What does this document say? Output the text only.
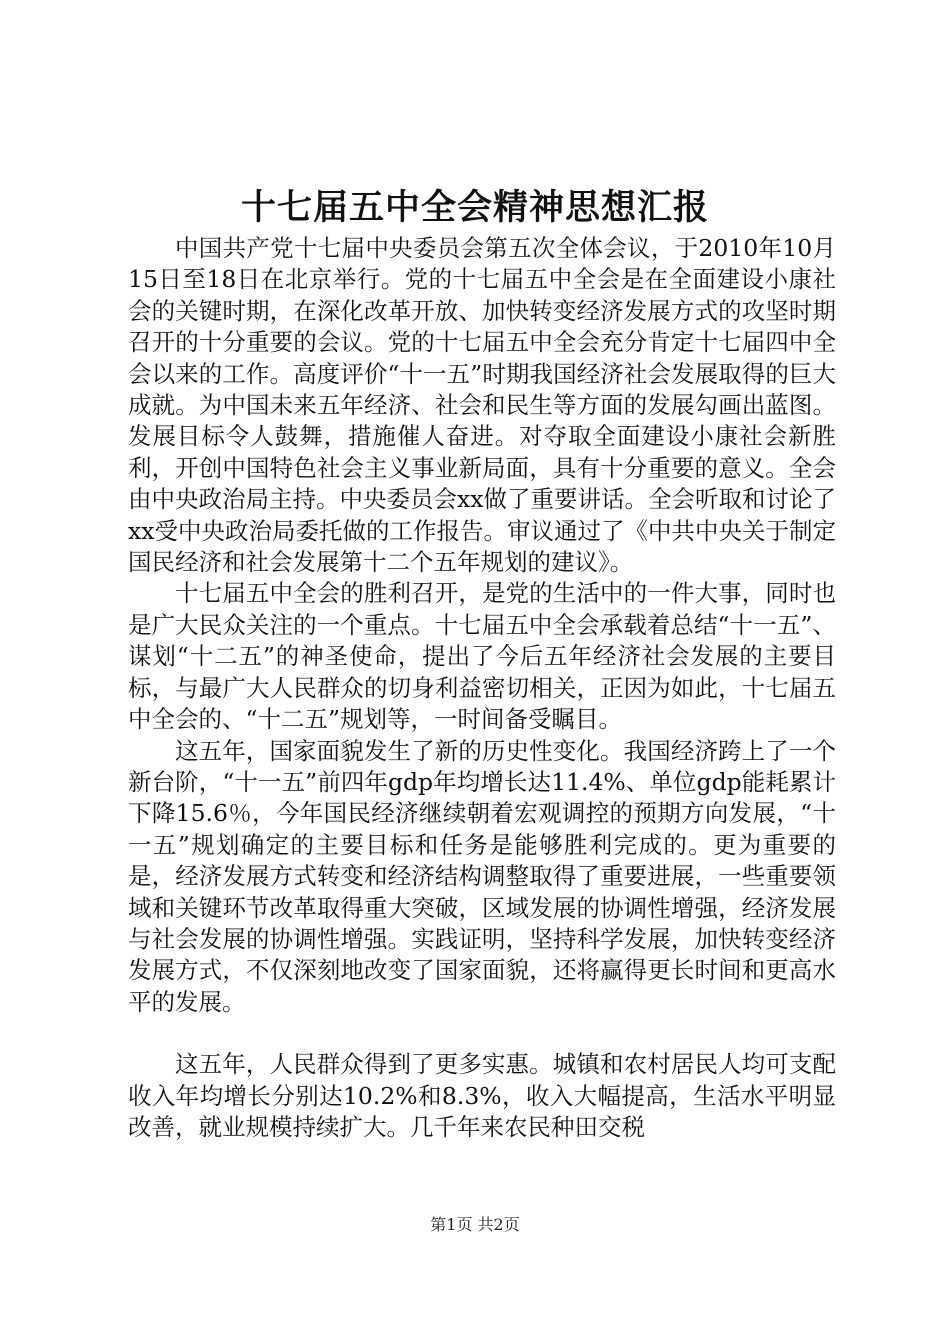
十七届五中全会精神思想汇报

中国共产党十七届中央委员会第五次全体会议，于2010年10月15日至18日在北京举行。党的十七届五中全会是在全面建设小康社会的关键时期，在深化改革开放、加快转变经济发展方式的攻坚时期召开的十分重要的会议。党的十七届五中全会充分肯定十七届四中全会以来的工作。高度评价“十一五”时期我国经济社会发展取得的巨大成就。为中国未来五年经济、社会和民生等方面的发展勾画出蓝图。发展目标令人鼓舞，措施催人奋进。对夺取全面建设小康社会新胜利，开创中国特色社会主义事业新局面，具有十分重要的意义。全会由中央政治局主持。中央委员会xx做了重要讲话。全会听取和讨论了xx受中央政治局委托做的工作报告。审议通过了《中共中央关于制定国民经济和社会发展第十二个五年规划的建议》。

十七届五中全会的胜利召开，是党的生活中的一件大事，同时也是广大民众关注的一个重点。十七届五中全会承载着总结“十一五”、谋划“十二五”的神圣使命，提出了今后五年经济社会发展的主要目标，与最广大人民群众的切身利益密切相关，正因为如此，十七届五中全会的、“十二五”规划等，一时间备受瞩目。

这五年，国家面貌发生了新的历史性变化。我国经济跨上了一个新台阶，“十一五”前四年gdp年均增长达11.4%、单位gdp能耗累计下降15.6％，今年国民经济继续朝着宏观调控的预期方向发展，“十一五”规划确定的主要目标和任务是能够胜利完成的。更为重要的是，经济发展方式转变和经济结构调整取得了重要进展，一些重要领域和关键环节改革取得重大突破，区域发展的协调性增强，经济发展与社会发展的协调性增强。实践证明，坚持科学发展，加快转变经济发展方式，不仅深刻地改变了国家面貌，还将赢得更长时间和更高水平的发展。

这五年，人民群众得到了更多实惠。城镇和农村居民人均可支配收入年均增长分别达10.2%和8.3%，收入大幅提高，生活水平明显改善，就业规模持续扩大。几千年来农民种田交税

第1页 共2页
